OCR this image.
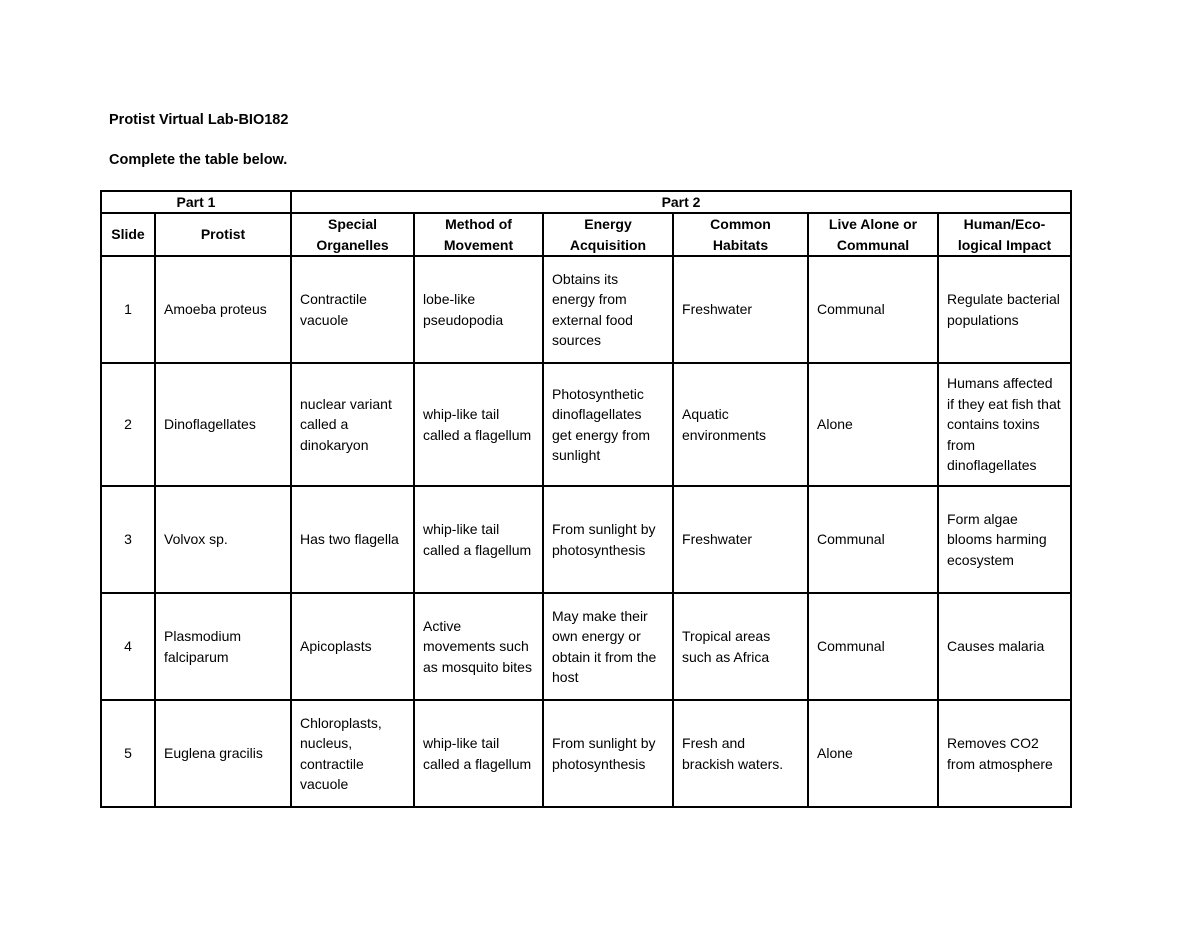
Protist Virtual Lab-BIO182

Complete the table below.

Part 1		Part 2					
Slide	Protist	Special Organelles	Method of Movement	Energy Acquisition	Common Habitats	Live Alone or Communal	Human/Eco-logical Impact
1	Amoeba proteus	Contractile vacuole	lobe-like pseudopodia	Obtains its energy from external food sources	Freshwater	Communal	Regulate bacterial populations
2	Dinoflagellates	nuclear variant called a dinokaryon	whip-like tail called a flagellum	Photosynthetic dinoflagellates get energy from sunlight	Aquatic environments	Alone	Humans affected if they eat fish that contains toxins from dinoflagellates
3	Volvox sp.	Has two flagella	whip-like tail called a flagellum	From sunlight by photosynthesis	Freshwater	Communal	Form algae blooms harming ecosystem
4	Plasmodium falciparum	Apicoplasts	Active movements such as mosquito bites	May make their own energy or obtain it from the host	Tropical areas such as Africa	Communal	Causes malaria
5	Euglena gracilis	Chloroplasts, nucleus, contractile vacuole	whip-like tail called a flagellum	From sunlight by photosynthesis	Fresh and brackish waters.	Alone	Removes CO2 from atmosphere
